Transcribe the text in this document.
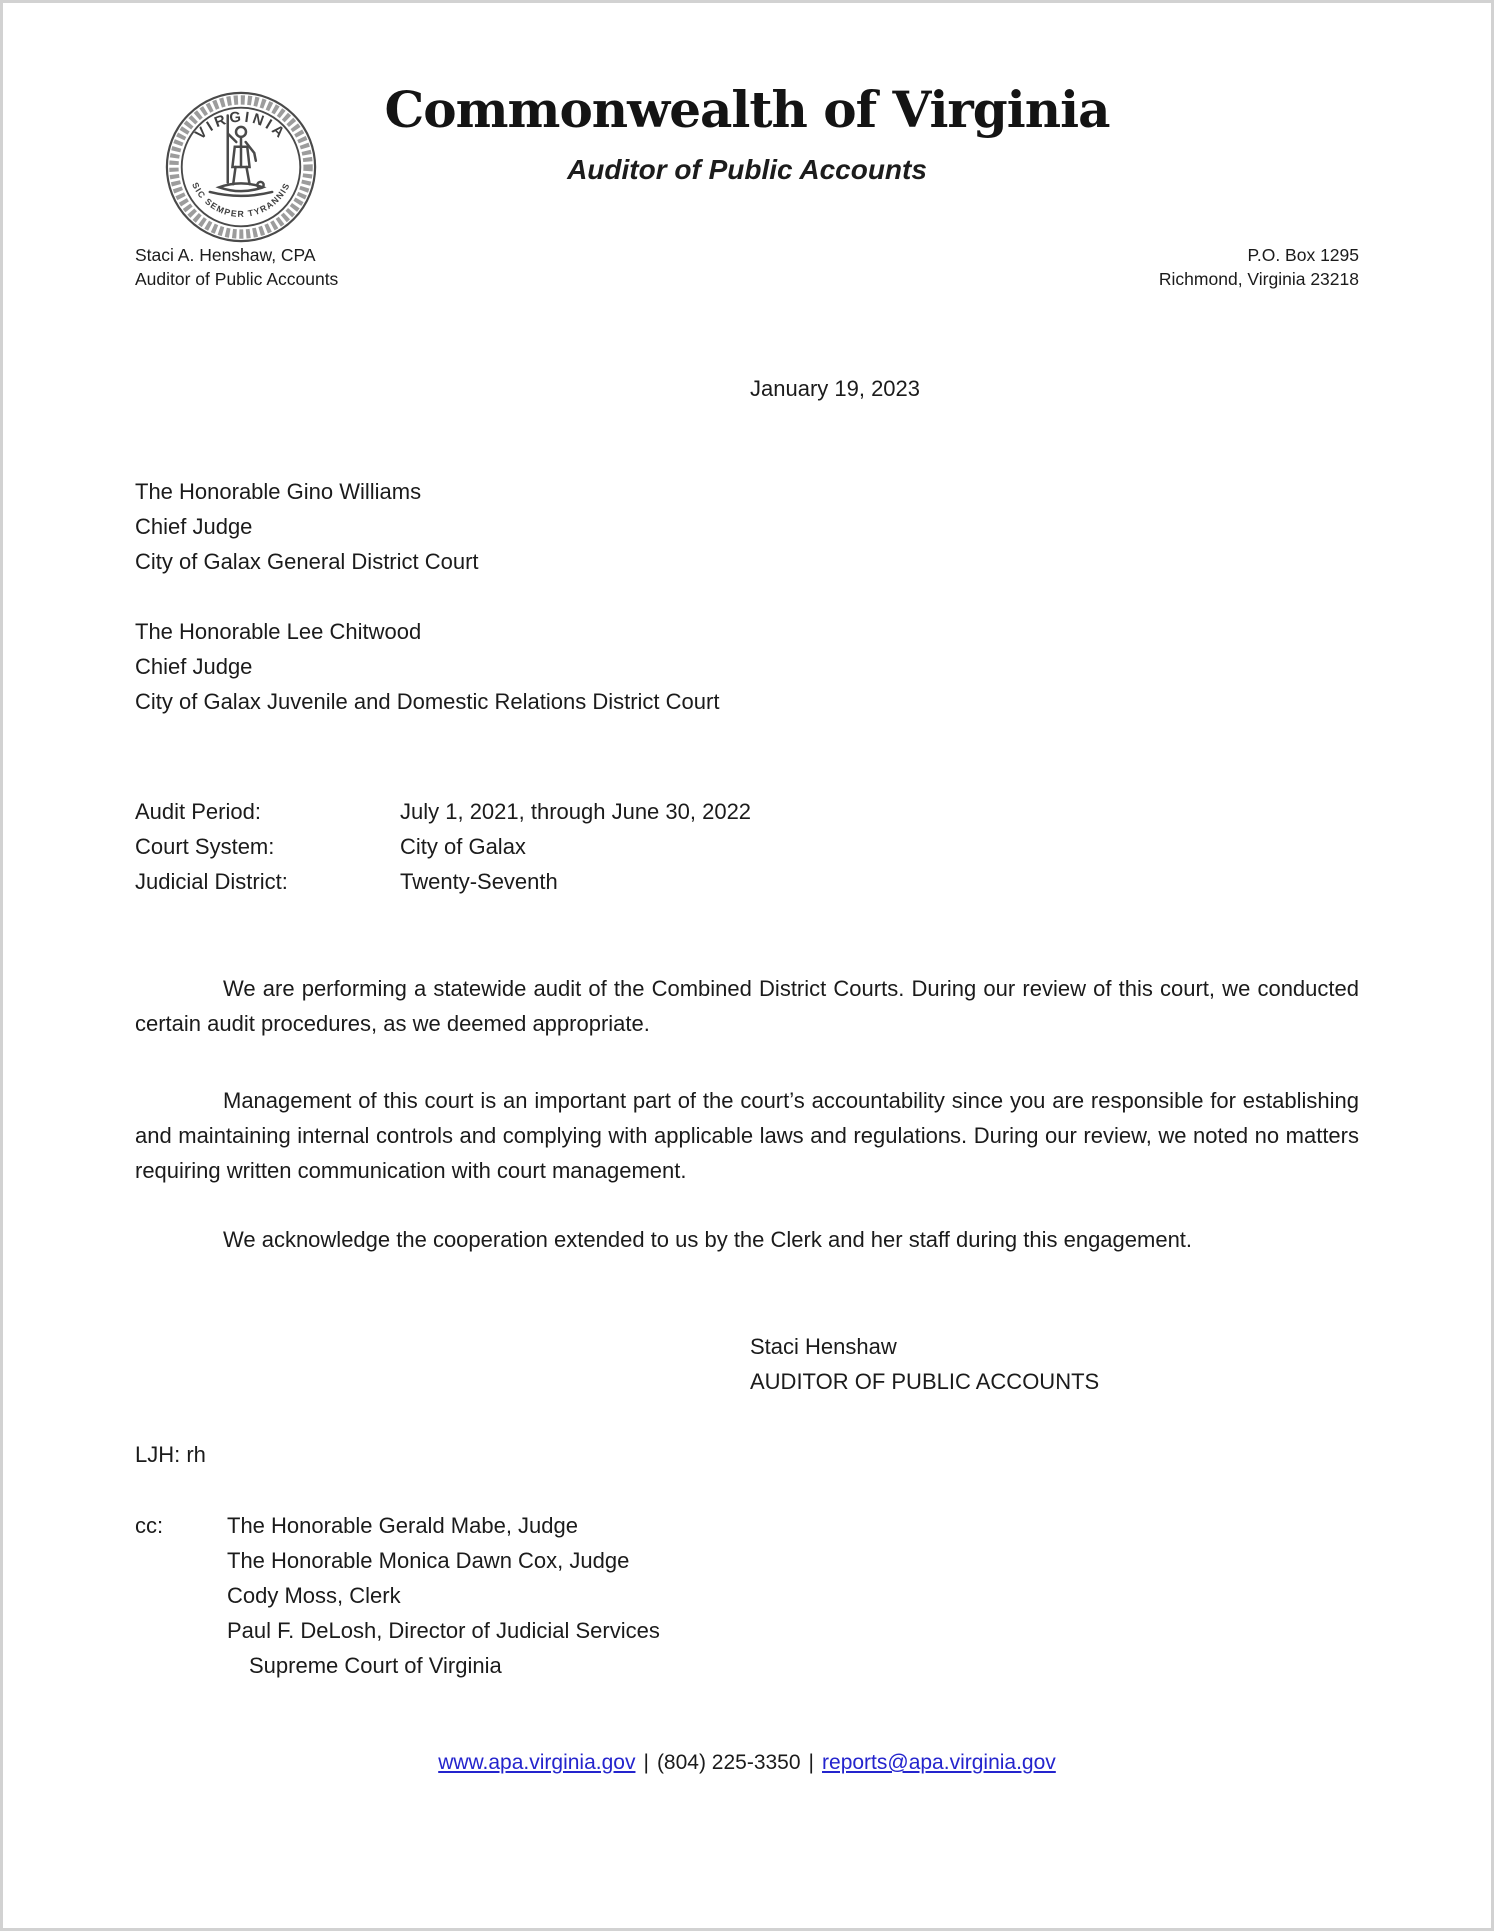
VIRGINIA
SIC SEMPER TYRANNIS
Commonwealth of Virginia
Auditor of Public Accounts
Staci A. Henshaw, CPA
Auditor of Public Accounts
P.O. Box 1295
Richmond, Virginia 23218
January 19, 2023
The Honorable Gino Williams
Chief Judge
City of Galax General District Court
The Honorable Lee Chitwood
Chief Judge
City of Galax Juvenile and Domestic Relations District Court
Audit Period:	July 1, 2021, through June 30, 2022
Court System:	City of Galax
Judicial District:	Twenty-Seventh

We are performing a statewide audit of the Combined District Courts. During our review of this court, we conducted certain audit procedures, as we deemed appropriate.

Management of this court is an important part of the court’s accountability since you are responsible for establishing and maintaining internal controls and complying with applicable laws and regulations. During our review, we noted no matters requiring written communication with court management.

We acknowledge the cooperation extended to us by the Clerk and her staff during this engagement.

Staci Henshaw
AUDITOR OF PUBLIC ACCOUNTS
LJH: rh
cc:	The Honorable Gerald Mabe, Judge
The Honorable Monica Dawn Cox, Judge
Cody Moss, Clerk
Paul F. DeLosh, Director of Judicial Services
Supreme Court of Virginia
www.apa.virginia.gov | (804) 225-3350 | reports@apa.virginia.gov
